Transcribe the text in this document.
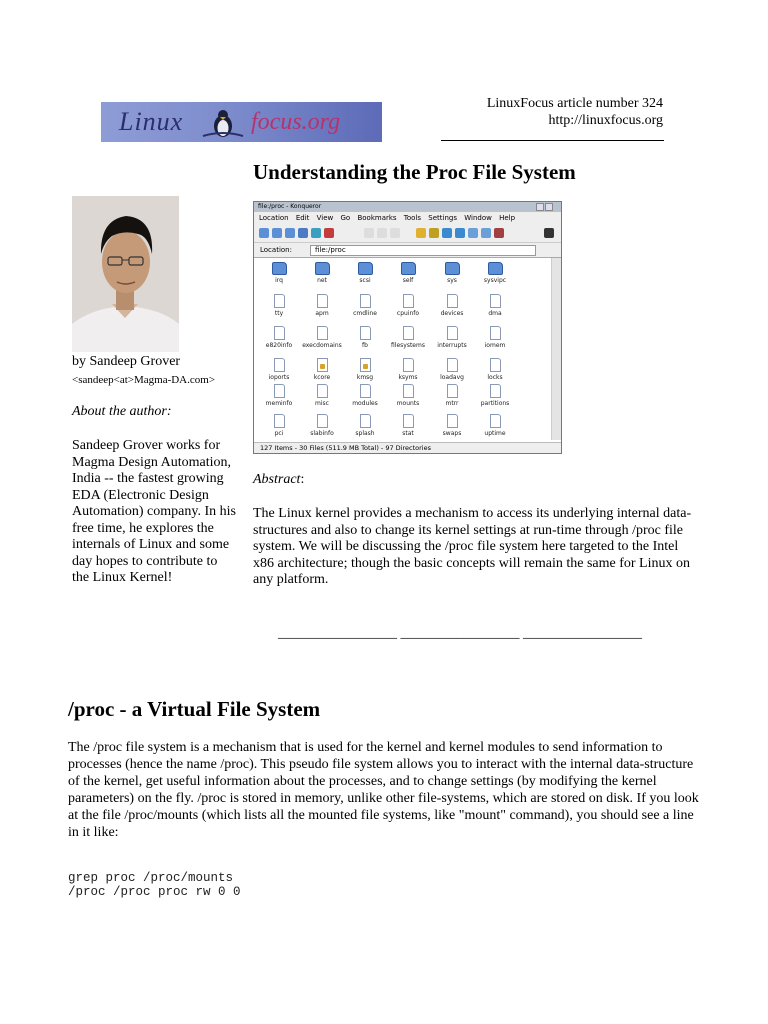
Linux	focus.org
LinuxFocus article number 324
http://linuxfocus.org
Understanding the Proc File System
by Sandeep Grover
<sandeep<at>Magma-DA.com>
About the author:
Sandeep Grover works for Magma Design Automation, India -- the fastest growing EDA (Electronic Design Automation) company. In his free time, he explores the internals of Linux and some day hopes to contribute to the Linux Kernel!
file:/proc - Konqueror
Location Edit View Go Bookmarks Tools Settings Window Help
Location:	file:/proc
irq	net	scsi	self	sys	sysvipc
tty	apm	cmdline	cpuinfo	devices	dma
e820info	execdomains	fb	filesystems	interrupts	iomem
ioports	kcore	kmsg	ksyms	loadavg	locks
meminfo	misc	modules	mounts	mtrr	partitions
pci	slabinfo	splash	stat	swaps	uptime
127 Items - 30 Files (511.9 MB Total) - 97 Directories
Abstract:
The Linux kernel provides a mechanism to access its underlying internal data-structures and also to change its kernel settings at run-time through /proc file system. We will be discussing the /proc file system here targeted to the Intel x86 architecture; though the basic concepts will remain the same for Linux on any platform.
_________________ _________________ _________________
/proc - a Virtual File System
The /proc file system is a mechanism that is used for the kernel and kernel modules to send information to processes (hence the name /proc). This pseudo file system allows you to interact with the internal data-structure of the kernel, get useful information about the processes, and to change settings (by modifying the kernel parameters) on the fly. /proc is stored in memory, unlike other file-systems, which are stored on disk. If you look at the file /proc/mounts (which lists all the mounted file systems, like "mount" command), you should see a line in it like:
grep proc /proc/mounts
/proc /proc proc rw 0 0
